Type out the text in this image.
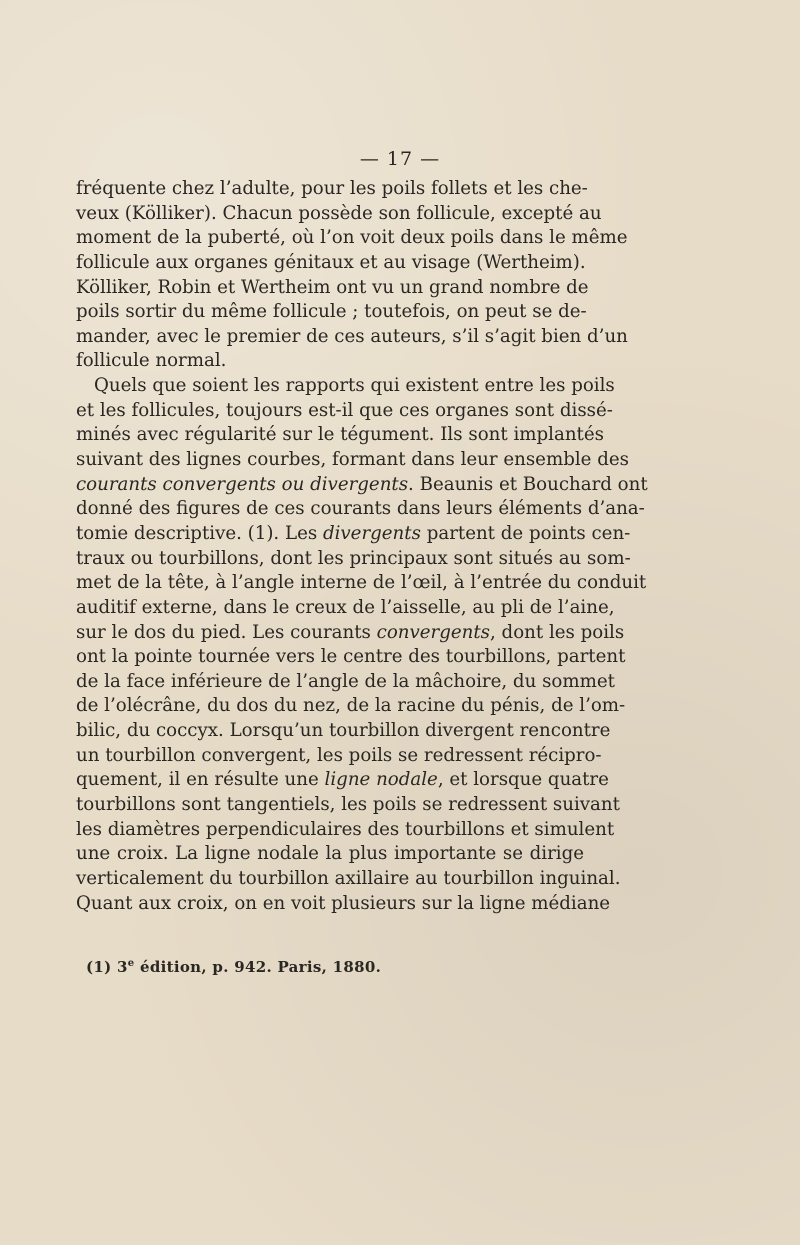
— 17 —
fréquente chez l’adulte, pour les poils follets et les che-
veux (Kölliker). Chacun possède son follicule, excepté au
moment de la puberté, où l’on voit deux poils dans le même
follicule aux organes génitaux et au visage (Wertheim).
Kölliker, Robin et Wertheim ont vu un grand nombre de
poils sortir du même follicule ; toutefois, on peut se de-
mander, avec le premier de ces auteurs, s’il s’agit bien d’un
follicule normal.
Quels que soient les rapports qui existent entre les poils
et les follicules, toujours est-il que ces organes sont dissé-
minés avec régularité sur le tégument. Ils sont implantés
suivant des lignes courbes, formant dans leur ensemble des
courants convergents ou divergents. Beaunis et Bouchard ont
donné des figures de ces courants dans leurs éléments d’ana-
tomie descriptive. (1). Les divergents partent de points cen-
traux ou tourbillons, dont les principaux sont situés au som-
met de la tête, à l’angle interne de l’œil, à l’entrée du conduit
auditif externe, dans le creux de l’aisselle, au pli de l’aine,
sur le dos du pied. Les courants convergents, dont les poils
ont la pointe tournée vers le centre des tourbillons, partent
de la face inférieure de l’angle de la mâchoire, du sommet
de l’olécrâne, du dos du nez, de la racine du pénis, de l’om-
bilic, du coccyx. Lorsqu’un tourbillon divergent rencontre
un tourbillon convergent, les poils se redressent récipro-
quement, il en résulte une ligne nodale, et lorsque quatre
tourbillons sont tangentiels, les poils se redressent suivant
les diamètres perpendiculaires des tourbillons et simulent
une croix. La ligne nodale la plus importante se dirige
verticalement du tourbillon axillaire au tourbillon inguinal.
Quant aux croix, on en voit plusieurs sur la ligne médiane
(1) 3e édition, p. 942. Paris, 1880.
